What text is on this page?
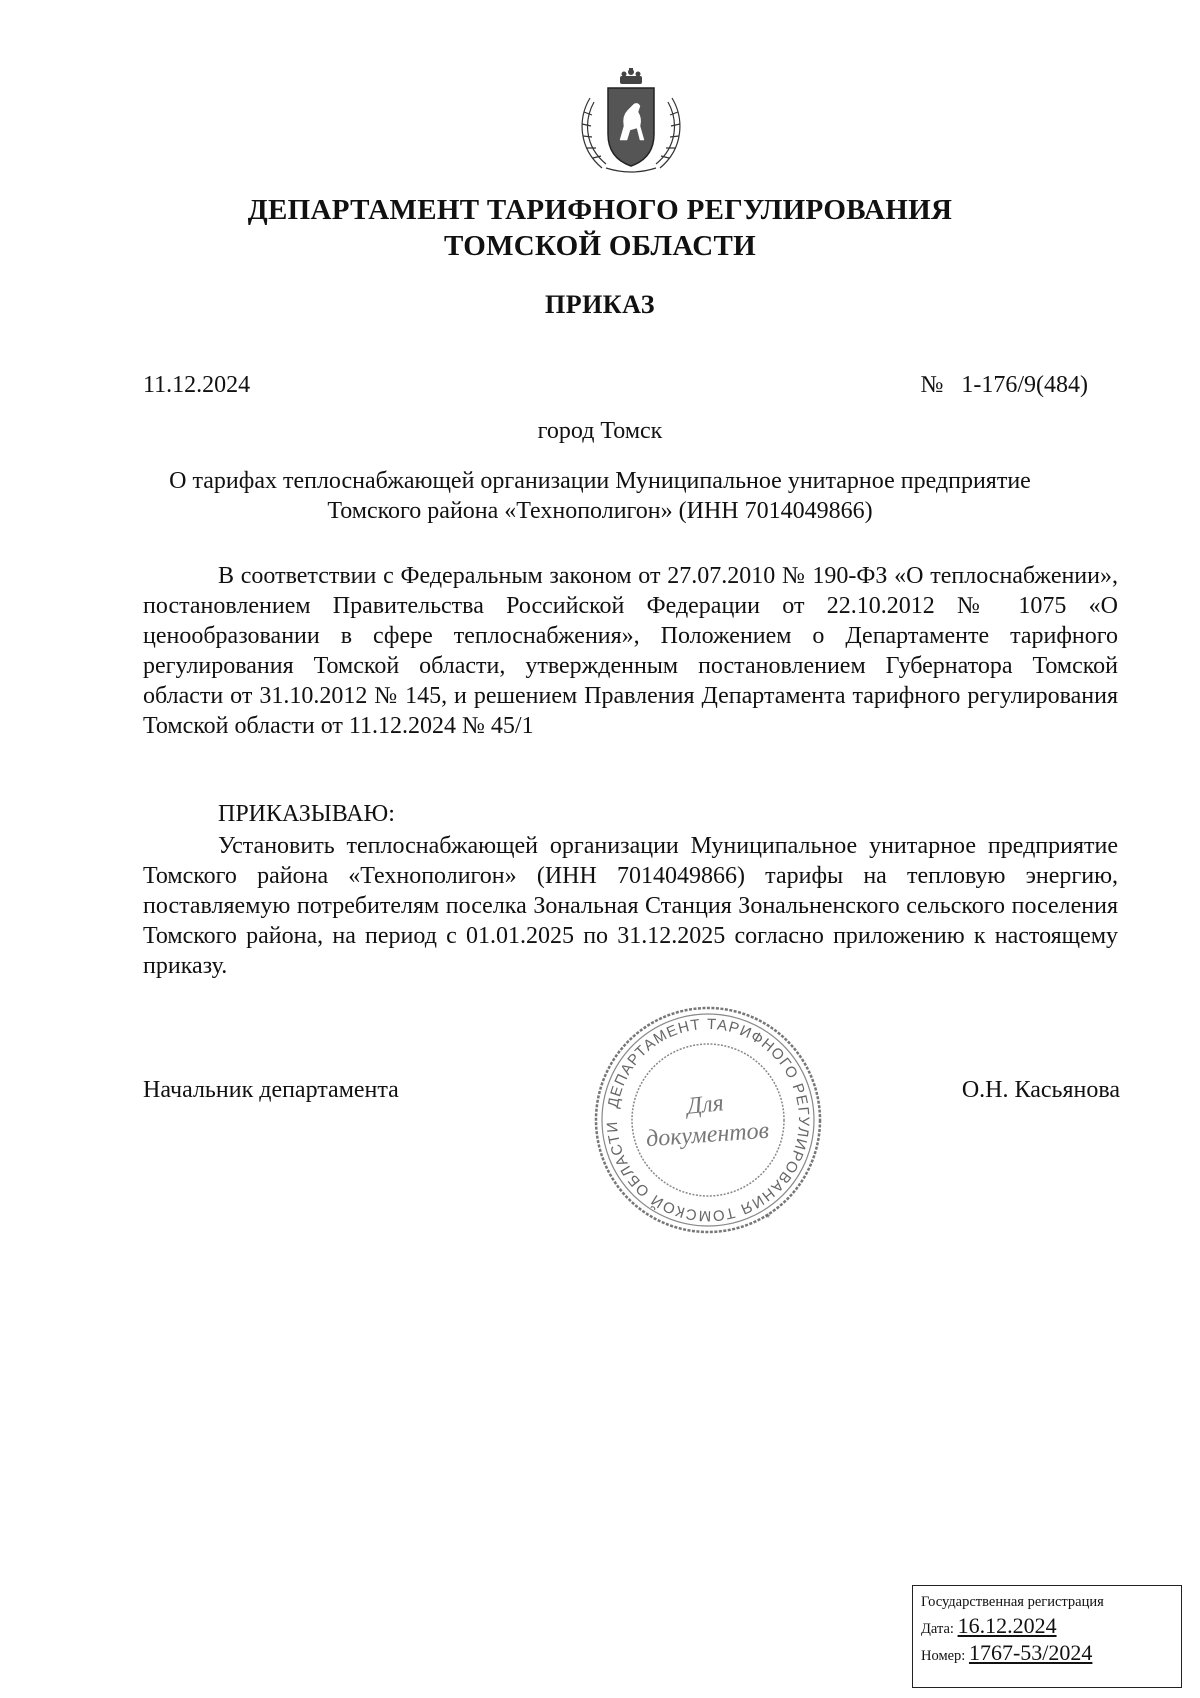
ДЕПАРТАМЕНТ ТАРИФНОГО РЕГУЛИРОВАНИЯ
ТОМСКОЙ ОБЛАСТИ
ПРИКАЗ
11.12.2024	№   1-176/9(484)
город Томск
О тарифах теплоснабжающей организации Муниципальное унитарное предприятие Томского района «Технополигон» (ИНН 7014049866)
В соответствии с Федеральным законом от 27.07.2010 № 190-ФЗ «О теплоснабжении», постановлением Правительства Российской Федерации от 22.10.2012 № 1075 «О ценообразовании в сфере теплоснабжения», Положением о Департаменте тарифного регулирования Томской области, утвержденным постановлением Губернатора Томской области от 31.10.2012 № 145, и решением Правления Департамента тарифного регулирования Томской области от 11.12.2024 № 45/1
ПРИКАЗЫВАЮ:
Установить теплоснабжающей организации Муниципальное унитарное предприятие Томского района «Технополигон» (ИНН 7014049866) тарифы на тепловую энергию, поставляемую потребителям поселка Зональная Станция Зональненского сельского поселения Томского района, на период с 01.01.2025 по 31.12.2025 согласно приложению к настоящему приказу.
Начальник департамента	О.Н. Касьянова
ДЕПАРТАМЕНТ ТАРИФНОГО РЕГУЛИРОВАНИЯ ТОМСКОЙ ОБЛАСТИ
*
Для
документов
Государственная регистрация
Дата: 16.12.2024
Номер: 1767-53/2024
